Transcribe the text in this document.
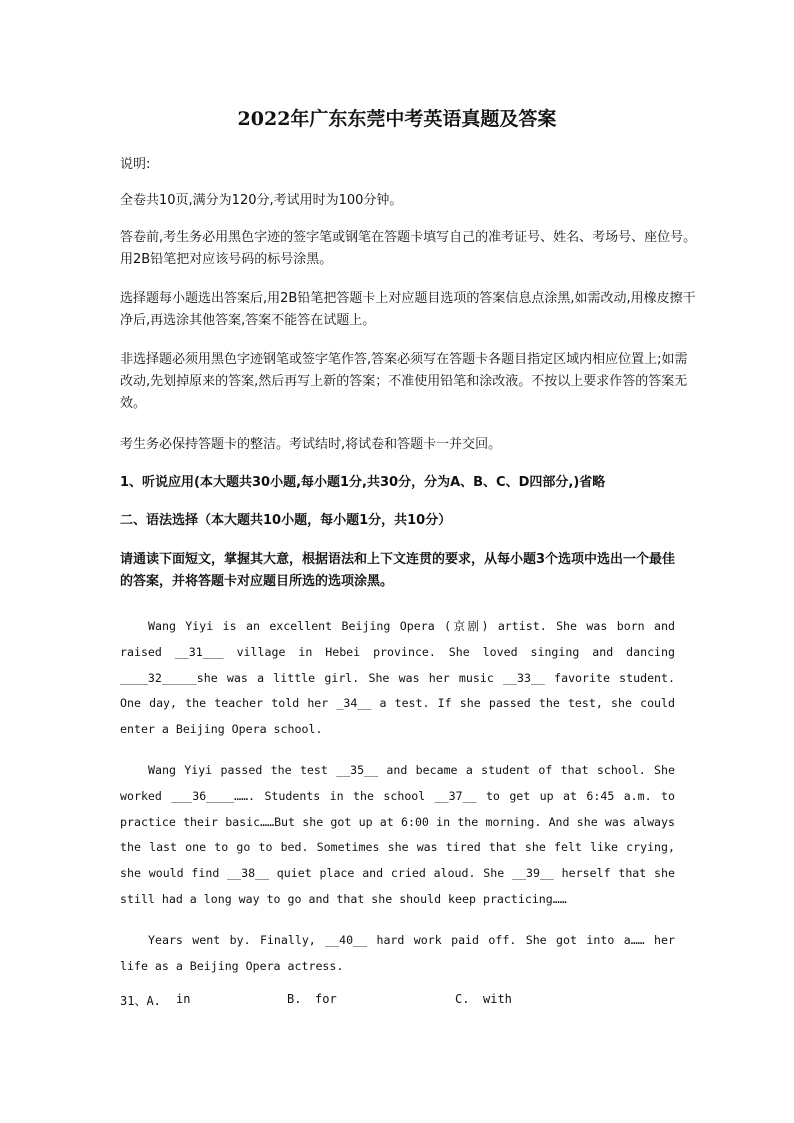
2022年广东东莞中考英语真题及答案
说明:
全卷共10页,满分为120分,考试用时为100分钟。
答卷前,考生务必用黑色字迹的签字笔或钢笔在答题卡填写自己的准考证号、姓名、考场号、座位号。用2B铅笔把对应该号码的标号涂黑。
选择题每小题选出答案后,用2B铅笔把答题卡上对应题目选项的答案信息点涂黑,如需改动,用橡皮擦干净后,再选涂其他答案,答案不能答在试题上。
非选择题必须用黑色字迹钢笔或签字笔作答,答案必须写在答题卡各题目指定区域内相应位置上;如需改动,先划掉原来的答案,然后再写上新的答案；不准使用铅笔和涂改液。不按以上要求作答的答案无效。
考生务必保持答题卡的整洁。考试结时,将试卷和答题卡一并交回。
1、听说应用(本大题共30小题,每小题1分,共30分，分为A、B、C、D四部分,)省略
二、语法选择（本大题共10小题，每小题1分，共10分）
请通读下面短文，掌握其大意，根据语法和上下文连贯的要求，从每小题3个选项中选出一个最佳的答案，并将答题卡对应题目所选的选项涂黑。
Wang Yiyi is an excellent Beijing Opera (京剧) artist. She was born and raised __31___ village in Hebei province. She loved singing and dancing ____32_____she was a little girl. She was her music __33__ favorite student. One day, the teacher told her _34__ a test. If she passed the test, she could enter a Beijing Opera school.
Wang Yiyi passed the test __35__ and became a student of that school. She worked ___36____……. Students in the school __37__ to get up at 6:45 a.m. to practice their basic……But she got up at 6:00 in the morning. And she was always the last one to go to bed. Sometimes she was tired that she felt like crying, she would find __38__ quiet place and cried aloud. She __39__ herself that she still had a long way to go and that she should keep practicing……
Years went by. Finally, __40__ hard work paid off. She got into a…… her life as a Beijing Opera actress.
31、A. in	B. for	C. with
